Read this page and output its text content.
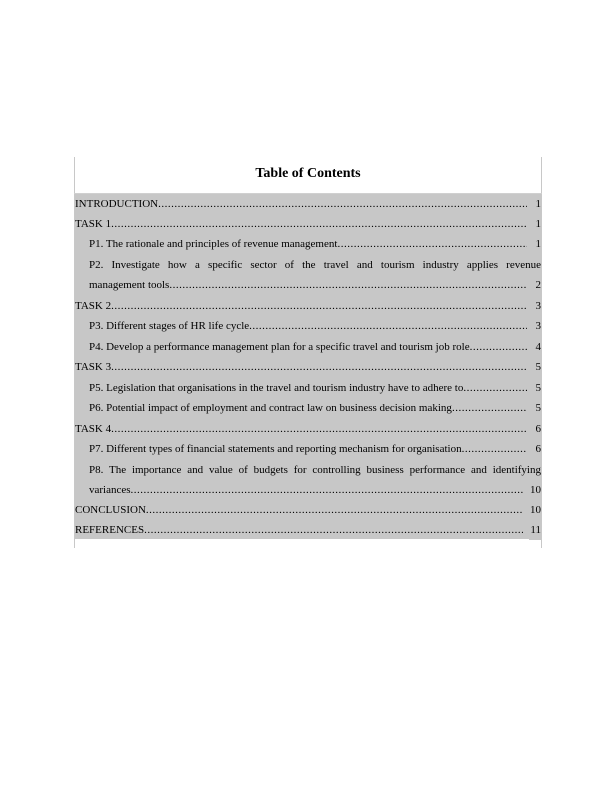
Table of Contents
INTRODUCTION .....	1
TASK 1 .....	1
P1. The rationale and principles of revenue management .....	1
P2. Investigate how a specific sector of the travel and tourism industry applies revenue
management tools .....	2
TASK 2 .....	3
P3. Different stages of HR life cycle .....	3
P4. Develop a performance management plan for a specific travel and tourism job role .....	4
TASK 3 .....	5
P5. Legislation that organisations in the travel and tourism industry have to adhere to .....	5
P6. Potential impact of employment and contract law on business decision making .....	5
TASK 4 .....	6
P7. Different types of financial statements and reporting mechanism for organisation .....	6
P8. The importance and value of budgets for controlling business performance and identifying
variances .....	10
CONCLUSION .....	10
REFERENCES .....	11
